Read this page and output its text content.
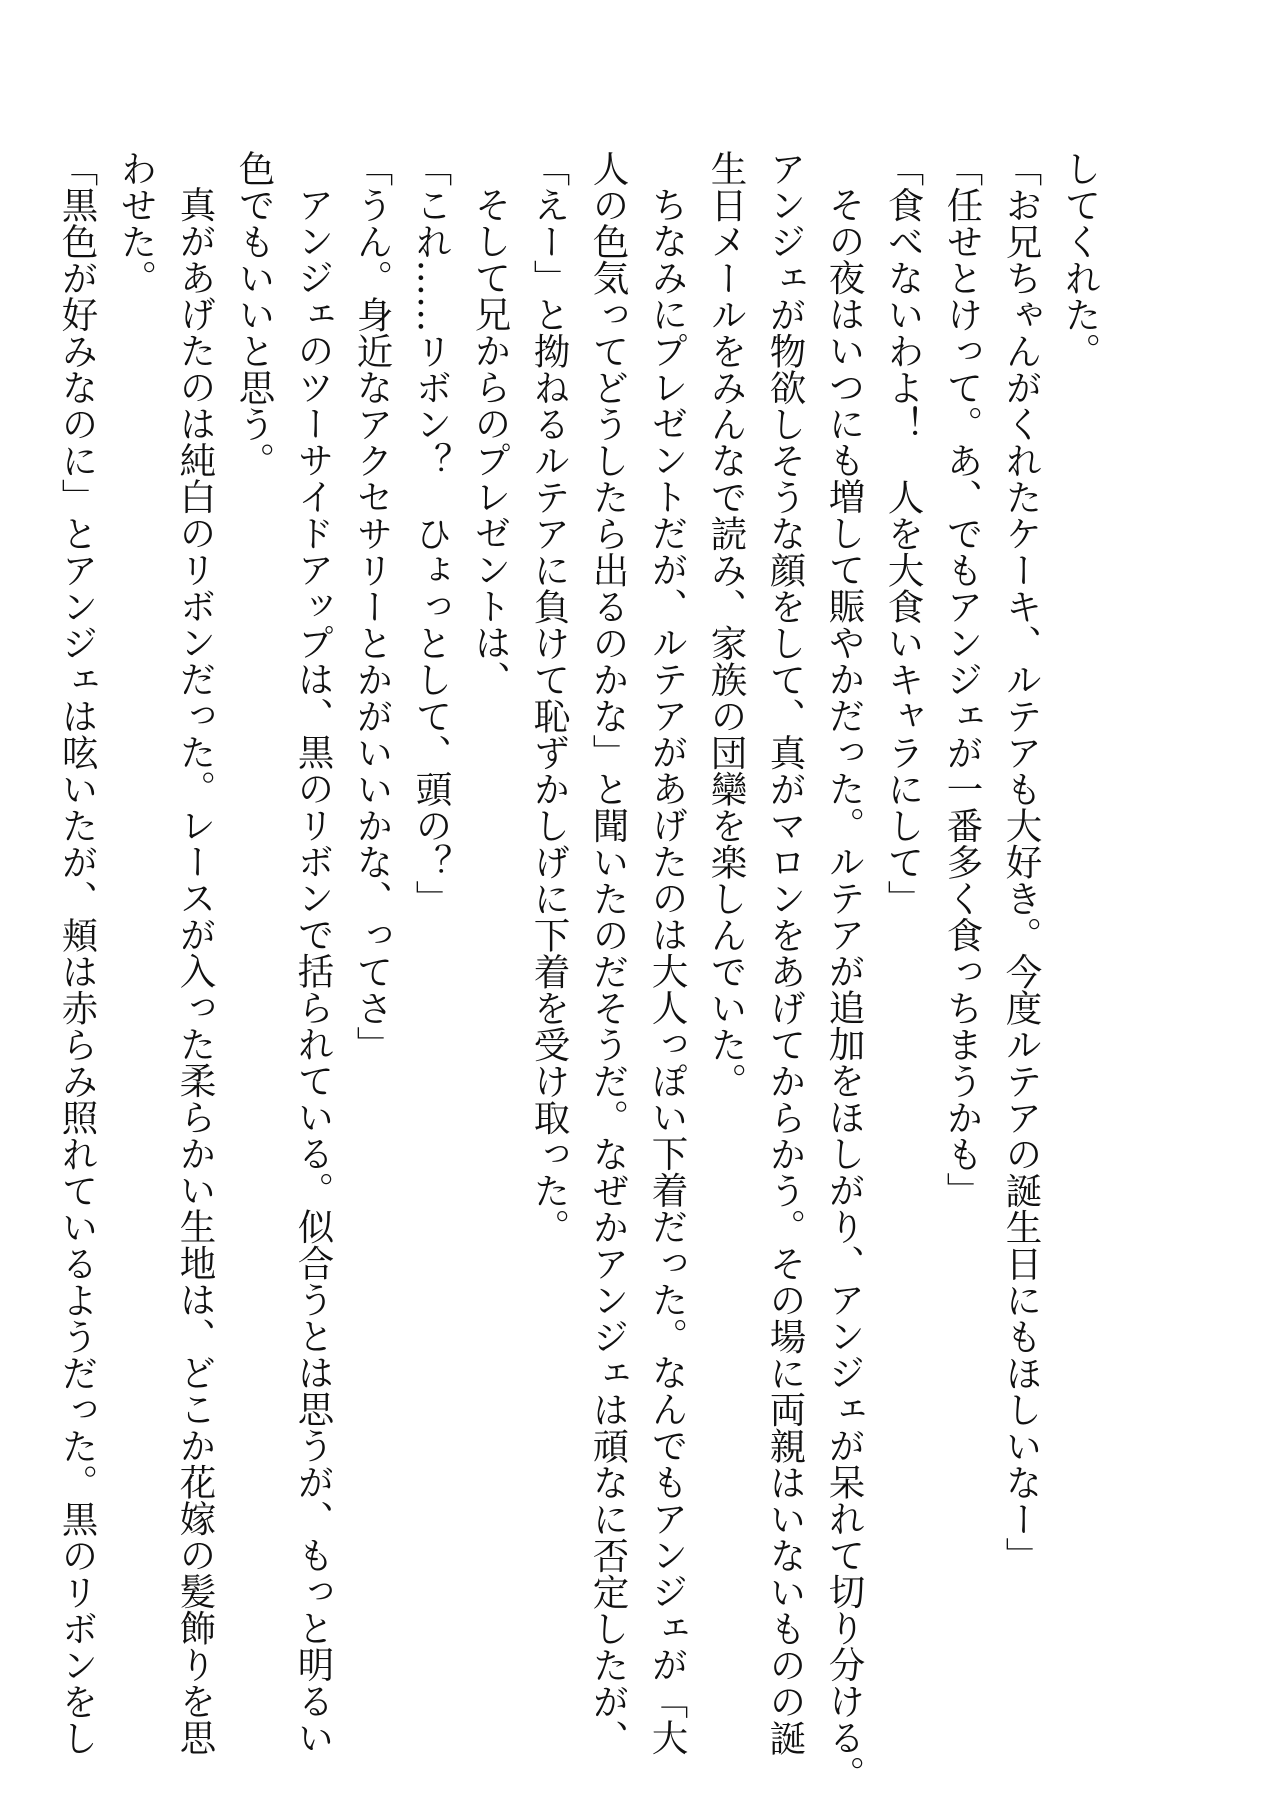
してくれた。

「お兄ちゃんがくれたケーキ、ルテアも大好き。今度ルテアの誕生日にもほしいなー」

「任せとけって。あ、でもアンジェが一番多く食っちまうかも」

「食べないわよ！　人を大食いキャラにして」

その夜はいつにも増して賑やかだった。ルテアが追加をほしがり、アンジェが呆れて切り分ける。

アンジェが物欲しそうな顔をして、真がマロンをあげてからかう。その場に両親はいないものの誕

生日メールをみんなで読み、家族の団欒を楽しんでいた。

ちなみにプレゼントだが、ルテアがあげたのは大人っぽい下着だった。なんでもアンジェが「大

人の色気ってどうしたら出るのかな」と聞いたのだそうだ。なぜかアンジェは頑なに否定したが、

「えー」と拗ねるルテアに負けて恥ずかしげに下着を受け取った。

そして兄からのプレゼントは、

「これ……リボン？　ひょっとして、頭の？」

「うん。身近なアクセサリーとかがいいかな、ってさ」

アンジェのツーサイドアップは、黒のリボンで括られている。似合うとは思うが、もっと明るい

色でもいいと思う。

真があげたのは純白のリボンだった。レースが入った柔らかい生地は、どこか花嫁の髪飾りを思

わせた。

「黒色が好みなのに」とアンジェは呟いたが、頬は赤らみ照れているようだった。黒のリボンをし
